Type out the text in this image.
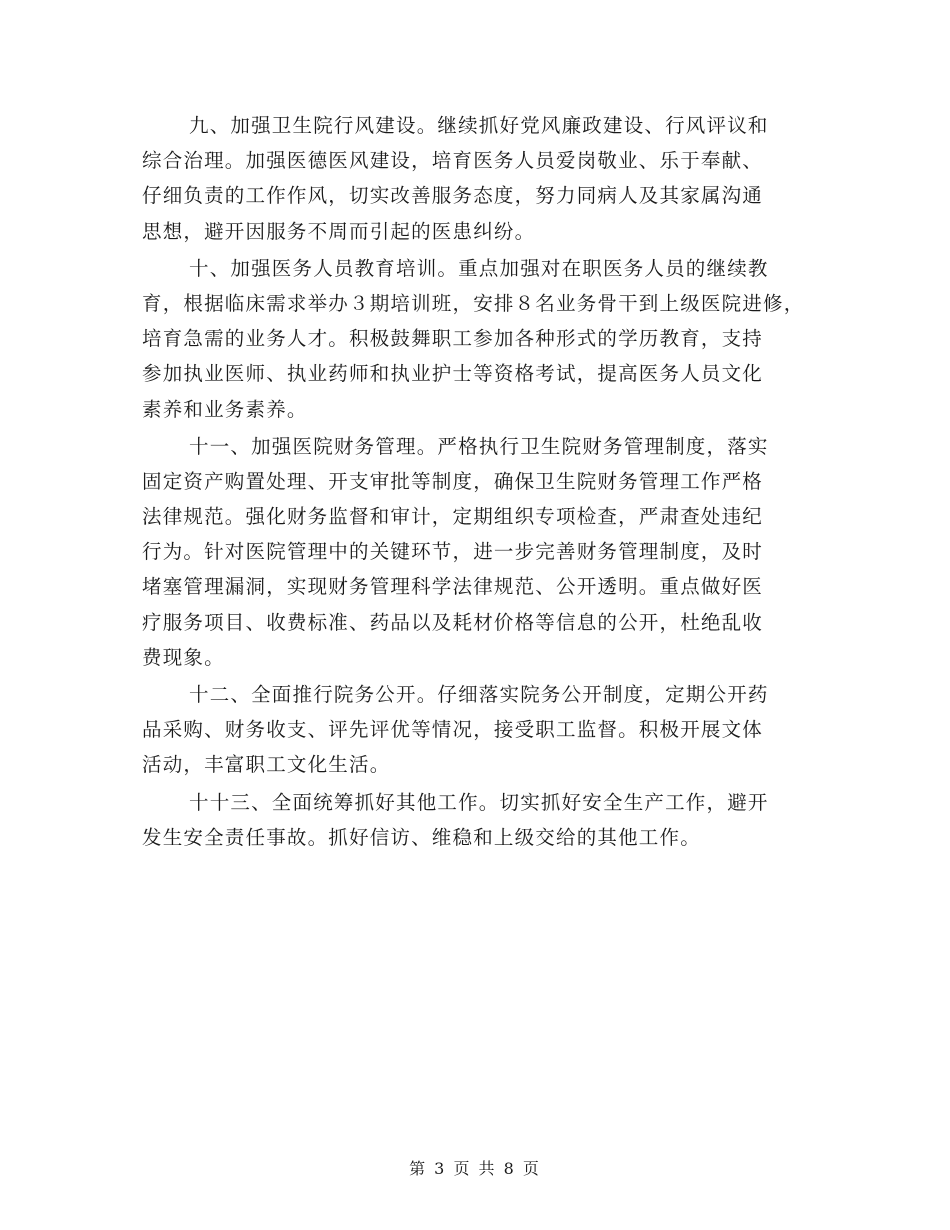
九、加强卫生院行风建设。继续抓好党风廉政建设、行风评议和
综合治理。加强医德医风建设，培育医务人员爱岗敬业、乐于奉献、
仔细负责的工作作风，切实改善服务态度，努力同病人及其家属沟通
思想，避开因服务不周而引起的医患纠纷。
十、加强医务人员教育培训。重点加强对在职医务人员的继续教
育，根据临床需求举办３期培训班，安排８名业务骨干到上级医院进修，
培育急需的业务人才。积极鼓舞职工参加各种形式的学历教育，支持
参加执业医师、执业药师和执业护士等资格考试，提高医务人员文化
素养和业务素养。
十一、加强医院财务管理。严格执行卫生院财务管理制度，落实
固定资产购置处理、开支审批等制度，确保卫生院财务管理工作严格
法律规范。强化财务监督和审计，定期组织专项检查，严肃查处违纪
行为。针对医院管理中的关键环节，进一步完善财务管理制度，及时
堵塞管理漏洞，实现财务管理科学法律规范、公开透明。重点做好医
疗服务项目、收费标准、药品以及耗材价格等信息的公开，杜绝乱收
费现象。
十二、全面推行院务公开。仔细落实院务公开制度，定期公开药
品采购、财务收支、评先评优等情况，接受职工监督。积极开展文体
活动，丰富职工文化生活。
十十三、全面统筹抓好其他工作。切实抓好安全生产工作，避开
发生安全责任事故。抓好信访、维稳和上级交给的其他工作。
第 3 页 共 8 页
